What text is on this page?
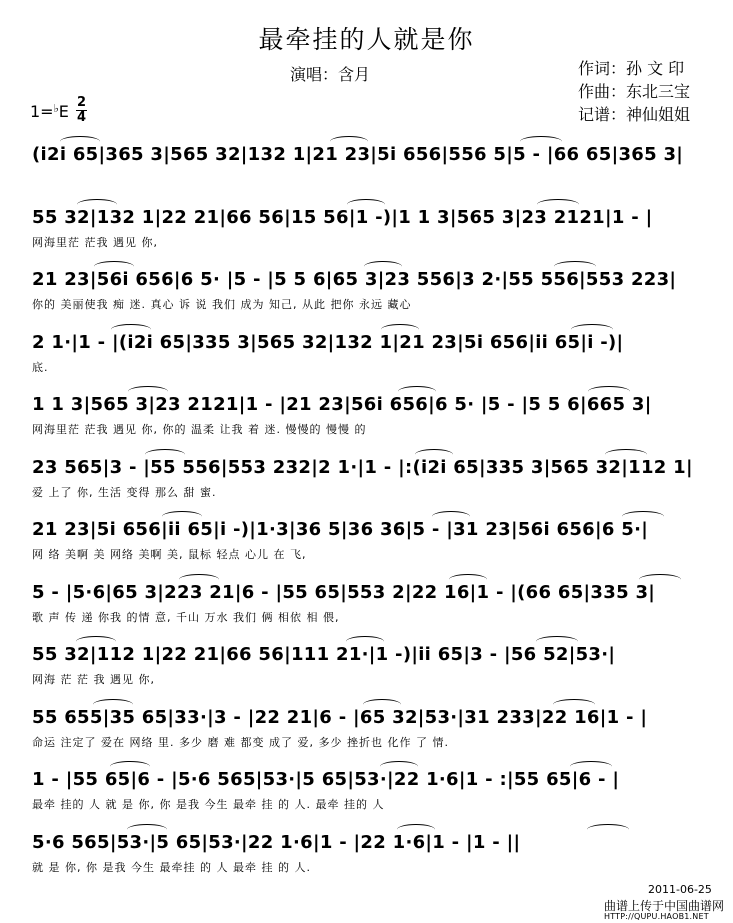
最牵挂的人就是你
演唱：含月	作词：孙 文 印
作曲：东北三宝
记谱：神仙姐姐
1=♭E 2
4
(i2i 65|365 3|565 32|132 1|21 23|5i 656|556 5|5 - |66 65|365 3|
55 32|132 1|22 21|66 56|15 56|1 -)|1 1 3|565 3|23 2121|1 - |
网海里茫 茫我 遇见 你,
21 23|56i 656|6 5· |5 - |5 5 6|65 3|23 556|3 2·|55 556|553 223|
你的 美丽使我 痴 迷. 真心 诉 说 我们 成为 知己, 从此 把你 永远 藏心
2 1·|1 - |(i2i 65|335 3|565 32|132 1|21 23|5i 656|ii 65|i -)|
底.
1 1 3|565 3|23 2121|1 - |21 23|56i 656|6 5· |5 - |5 5 6|665 3|
网海里茫 茫我 遇见 你, 你的 温柔 让我 着 迷. 慢慢的 慢慢 的
23 565|3 - |55 556|553 232|2 1·|1 - |:(i2i 65|335 3|565 32|112 1|
爱 上了 你, 生活 变得 那么 甜 蜜.
21 23|5i 656|ii 65|i -)|1·3|36 5|36 36|5 - |31 23|56i 656|6 5·|
网 络 美啊 美 网络 美啊 美, 鼠标 轻点 心儿 在 飞,
5 - |5·6|65 3|223 21|6 - |55 65|553 2|22 16|1 - |(66 65|335 3|
歌 声 传 递 你我 的情 意, 千山 万水 我们 俩 相依 相 偎,
55 32|112 1|22 21|66 56|111 21·|1 -)|ii 65|3 - |56 52|53·|
网海 茫 茫 我 遇见 你,
55 655|35 65|33·|3 - |22 21|6 - |65 32|53·|31 233|22 16|1 - |
命运 注定了 爱在 网络 里. 多少 磨 难 都变 成了 爱, 多少 挫折也 化作 了 情.
1 - |55 65|6 - |5·6 565|53·|5 65|53·|22 1·6|1 - :|55 65|6 - |
最牵 挂的 人 就 是 你, 你 是我 今生 最牵 挂 的 人. 最牵 挂的 人
5·6 565|53·|5 65|53·|22 1·6|1 - |22 1·6|1 - |1 - ||
就 是 你, 你 是我 今生 最牵挂 的 人 最牵 挂 的 人.
2011-06-25
曲谱上传于中国曲谱网
HTTP://QUPU.HAOB1.NET
